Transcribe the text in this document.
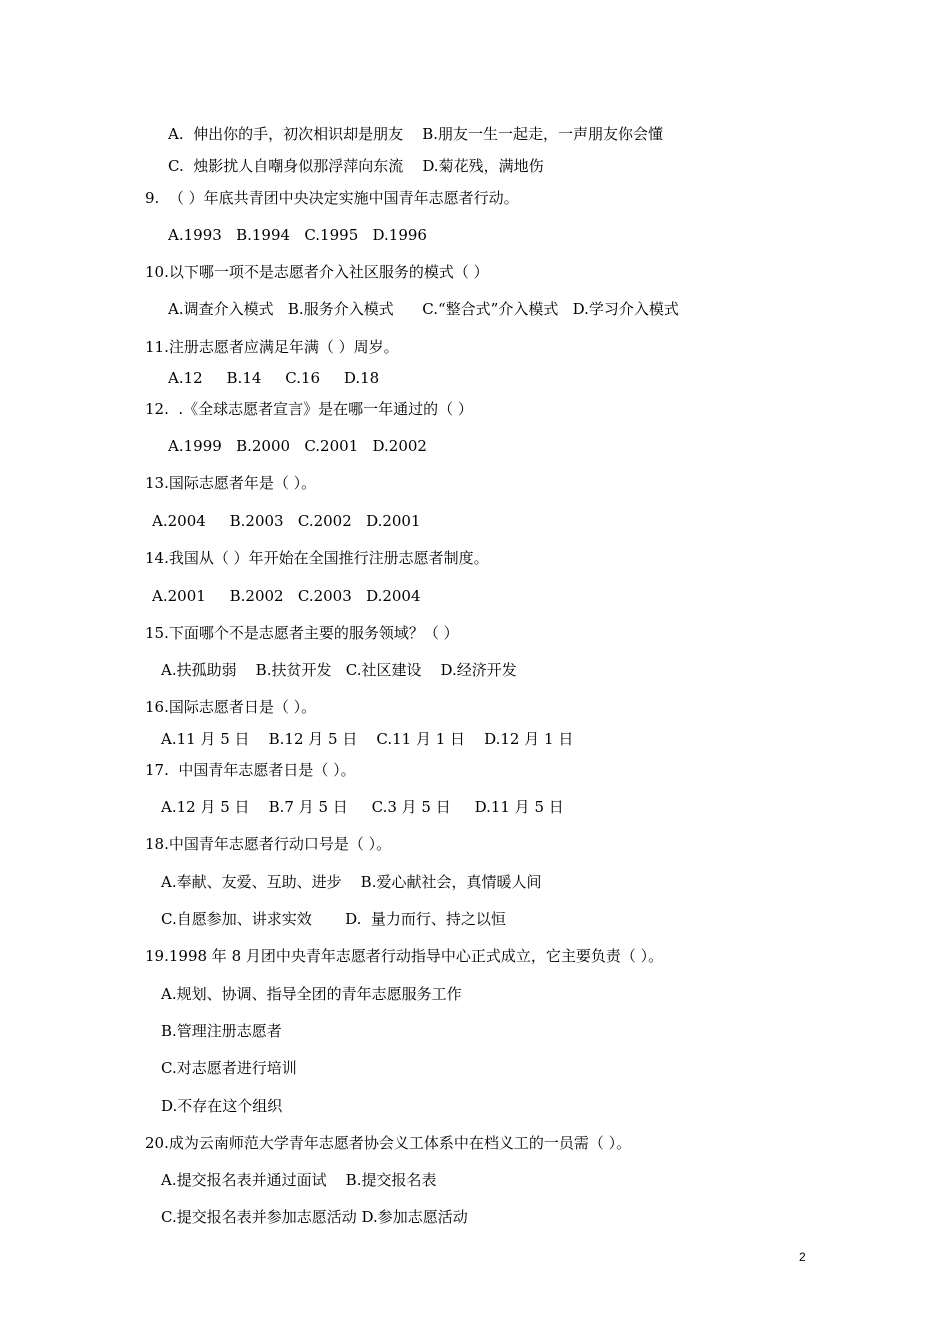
A.  伸出你的手，初次相识却是朋友    B.朋友一生一起走，一声朋友你会懂
C.  烛影扰人自嘲身似那浮萍向东流    D.菊花残，满地伤
9.  （ ）年底共青团中央决定实施中国青年志愿者行动。
A.1993   B.1994   C.1995   D.1996
10.以下哪一项不是志愿者介入社区服务的模式（ ）
A.调查介入模式   B.服务介入模式      C.“整合式”介入模式   D.学习介入模式
11.注册志愿者应满足年满（ ）周岁。
A.12     B.14     C.16     D.18
12.  .《全球志愿者宣言》是在哪一年通过的（ ）
A.1999   B.2000   C.2001   D.2002
13.国际志愿者年是（ ）。
A.2004     B.2003   C.2002   D.2001
14.我国从（ ）年开始在全国推行注册志愿者制度。
A.2001     B.2002   C.2003   D.2004
15.下面哪个不是志愿者主要的服务领域？（ ）
A.扶孤助弱    B.扶贫开发   C.社区建设    D.经济开发
16.国际志愿者日是（ ）。
A.11 月 5 日    B.12 月 5 日    C.11 月 1 日    D.12 月 1 日
17.  中国青年志愿者日是（ ）。
A.12 月 5 日    B.7 月 5 日     C.3 月 5 日     D.11 月 5 日
18.中国青年志愿者行动口号是（ ）。
A.奉献、友爱、互助、进步    B.爱心献社会，真情暖人间
C.自愿参加、讲求实效       D.  量力而行、持之以恒
19.1998 年 8 月团中央青年志愿者行动指导中心正式成立，它主要负责（ ）。
A.规划、协调、指导全团的青年志愿服务工作
B.管理注册志愿者
C.对志愿者进行培训
D.不存在这个组织
20.成为云南师范大学青年志愿者协会义工体系中在档义工的一员需（ ）。
A.提交报名表并通过面试    B.提交报名表
C.提交报名表并参加志愿活动 D.参加志愿活动
2
